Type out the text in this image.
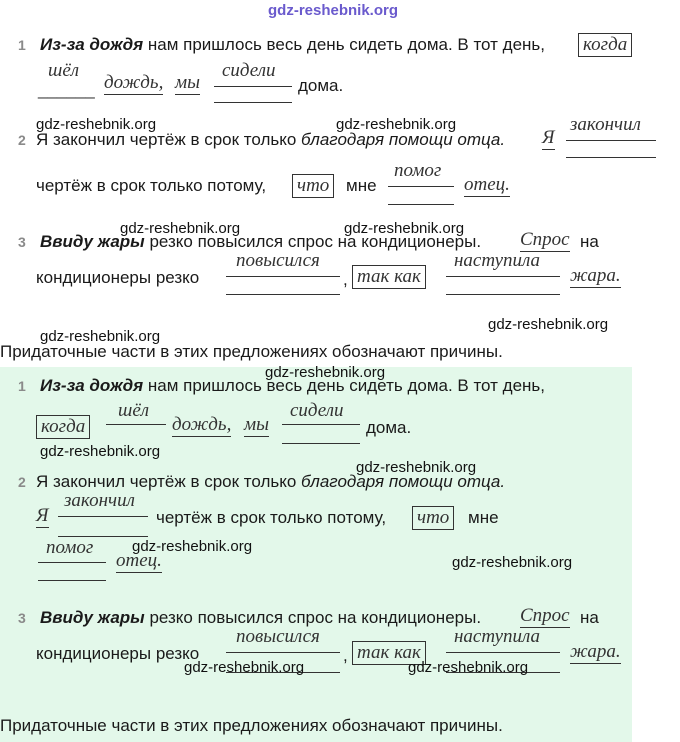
gdz-reshebnik.org
1 Из-за дождя нам пришлось весь день сидеть дома. В тот день, когда
шёл
______ дождь, мы
сидели
дома.
gdz-reshebnik.org	gdz-reshebnik.org
2 Я закончил чертёж в срок только благодаря помощи отца. Я
закончил
чертёж в срок только потому, что мне
помог
отец.
gdz-reshebnik.org	gdz-reshebnik.org
3 Ввиду жары резко повысился спрос на кондиционеры. Спрос на
кондиционеры резко
повысился
, так как
наступила
жара.
gdz-reshebnik.org
gdz-reshebnik.org
Придаточные части в этих предложениях обозначают причины.
gdz-reshebnik.org
1 Из-за дождя нам пришлось весь день сидеть дома. В тот день,
когда
шёл
дождь, мы
сидели
дома.
gdz-reshebnik.org
gdz-reshebnik.org
2 Я закончил чертёж в срок только благодаря помощи отца.
Я
закончил
чертёж в срок только потому, что мне
помог
отец.
gdz-reshebnik.org
gdz-reshebnik.org
3 Ввиду жары резко повысился спрос на кондиционеры. Спрос на
кондиционеры резко
повысился
, так как
наступила
жара.
gdz-reshebnik.org	gdz-reshebnik.org
Придаточные части в этих предложениях обозначают причины.
